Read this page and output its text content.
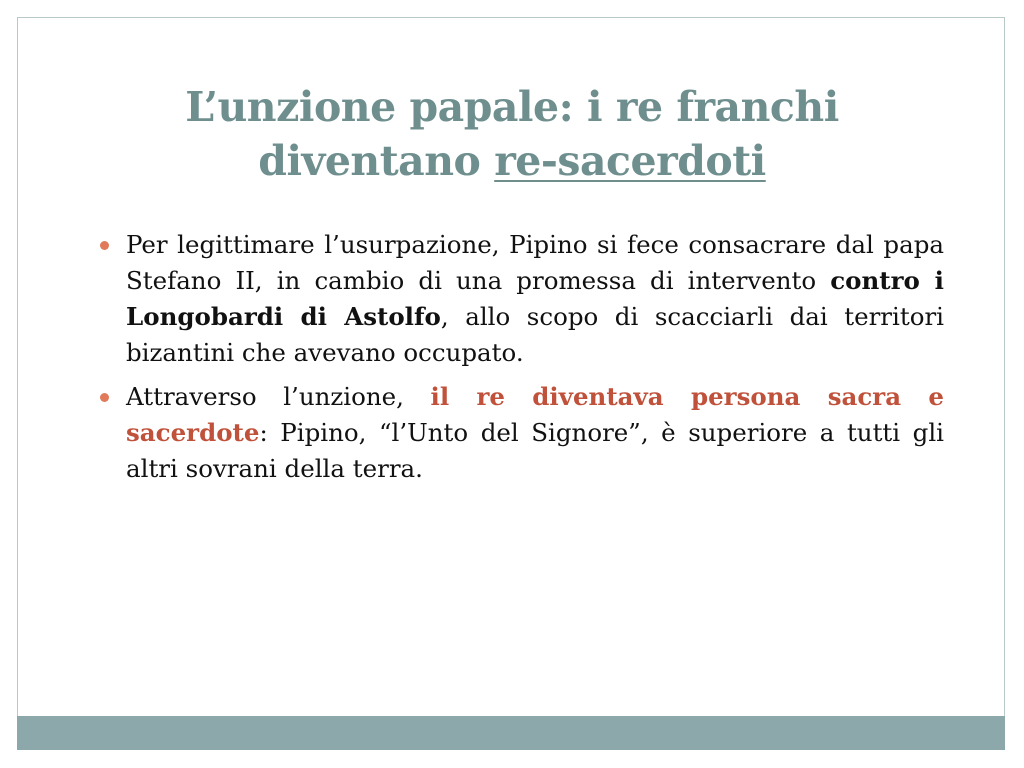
L’unzione papale: i re franchi
diventano re-sacerdoti
Per legittimare l’usurpazione, Pipino si fece consacrare dal papa Stefano II, in cambio di una promessa di intervento contro i Longobardi di Astolfo, allo scopo di scacciarli dai territori bizantini che avevano occupato.
Attraverso l’unzione, il re diventava persona sacra e sacerdote: Pipino, “l’Unto del Signore”, è superiore a tutti gli altri sovrani della terra.
